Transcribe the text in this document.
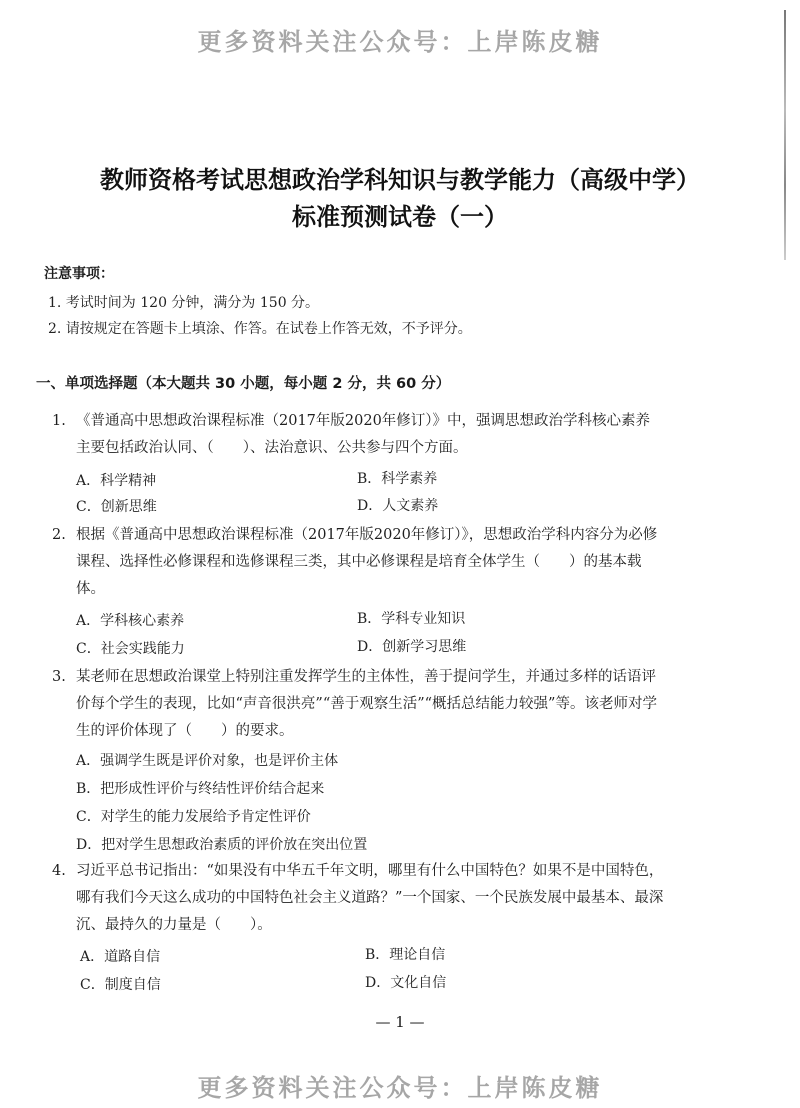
更多资料关注公众号：上岸陈皮糖
教师资格考试思想政治学科知识与教学能力（高级中学）
标准预测试卷（一）
注意事项：
1. 考试时间为 120 分钟，满分为 150 分。
2. 请按规定在答题卡上填涂、作答。在试卷上作答无效，不予评分。
一、单项选择题（本大题共 30 小题，每小题 2 分，共 60 分）
1. 《普通高中思想政治课程标准（2017年版2020年修订）》中，强调思想政治学科核心素养主要包括政治认同、（　　）、法治意识、公共参与四个方面。
A．科学精神	B．科学素养
C．创新思维	D．人文素养
2. 根据《普通高中思想政治课程标准（2017年版2020年修订）》，思想政治学科内容分为必修课程、选择性必修课程和选修课程三类，其中必修课程是培育全体学生（　　）的基本载体。
A．学科核心素养	B．学科专业知识
C．社会实践能力	D．创新学习思维
3. 某老师在思想政治课堂上特别注重发挥学生的主体性，善于提问学生，并通过多样的话语评价每个学生的表现，比如“声音很洪亮”“善于观察生活”“概括总结能力较强”等。该老师对学生的评价体现了（　　）的要求。
A．强调学生既是评价对象，也是评价主体
B．把形成性评价与终结性评价结合起来
C．对学生的能力发展给予肯定性评价
D．把对学生思想政治素质的评价放在突出位置
4. 习近平总书记指出：“如果没有中华五千年文明，哪里有什么中国特色？如果不是中国特色，哪有我们今天这么成功的中国特色社会主义道路？”一个国家、一个民族发展中最基本、最深沉、最持久的力量是（　　）。
A．道路自信	B．理论自信
C．制度自信	D．文化自信
— 1 —
更多资料关注公众号：上岸陈皮糖
